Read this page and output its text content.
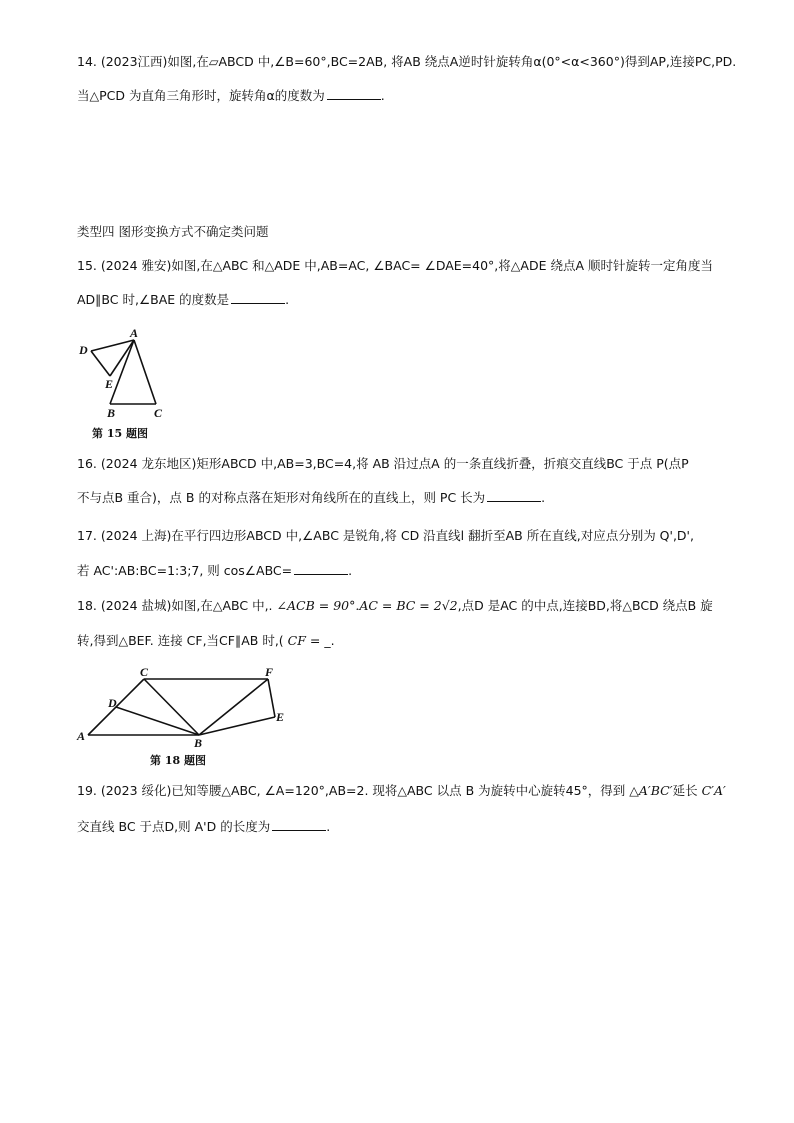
14. (2023江西)如图,在▱ABCD 中,∠B=60°,BC=2AB, 将AB 绕点A逆时针旋转角α(0°<α<360°)得到AP,连接PC,PD.
当△PCD 为直角三角形时，旋转角α的度数为	.
类型四 图形变换方式不确定类问题
15. (2024 雅安)如图,在△ABC 和△ADE 中,AB=AC, ∠BAC= ∠DAE=40°,将△ADE 绕点A 顺时针旋转一定角度当
AD∥BC 时,∠BAE 的度数是	.
A
D
E
B	C
第 15 题图
16. (2024 龙东地区)矩形ABCD 中,AB=3,BC=4,将 AB 沿过点A 的一条直线折叠，折痕交直线BC 于点 P(点P
不与点B 重合)，点 B 的对称点落在矩形对角线所在的直线上，则 PC 长为	.
17. (2024 上海)在平行四边形ABCD 中,∠ABC 是锐角,将 CD 沿直线l 翻折至AB 所在直线,对应点分别为 Q',D',
若 AC':AB:BC=1:3;7, 则 cos∠ABC=	.
18. (2024 盐城)如图,在△ABC 中,. ∠ACB = 90°.AC = BC = 2√2,点D 是AC 的中点,连接BD,将△BCD 绕点B 旋
转,得到△BEF. 连接 CF,当CF∥AB 时,( CF = _.
A	B
C
D
E
F
第 18 题图
19. (2023 绥化)已知等腰△ABC, ∠A=120°,AB=2. 现将△ABC 以点 B 为旋转中心旋转45°，得到 △A′BC′延长 C′A′
交直线 BC 于点D,则 A'D 的长度为	.
